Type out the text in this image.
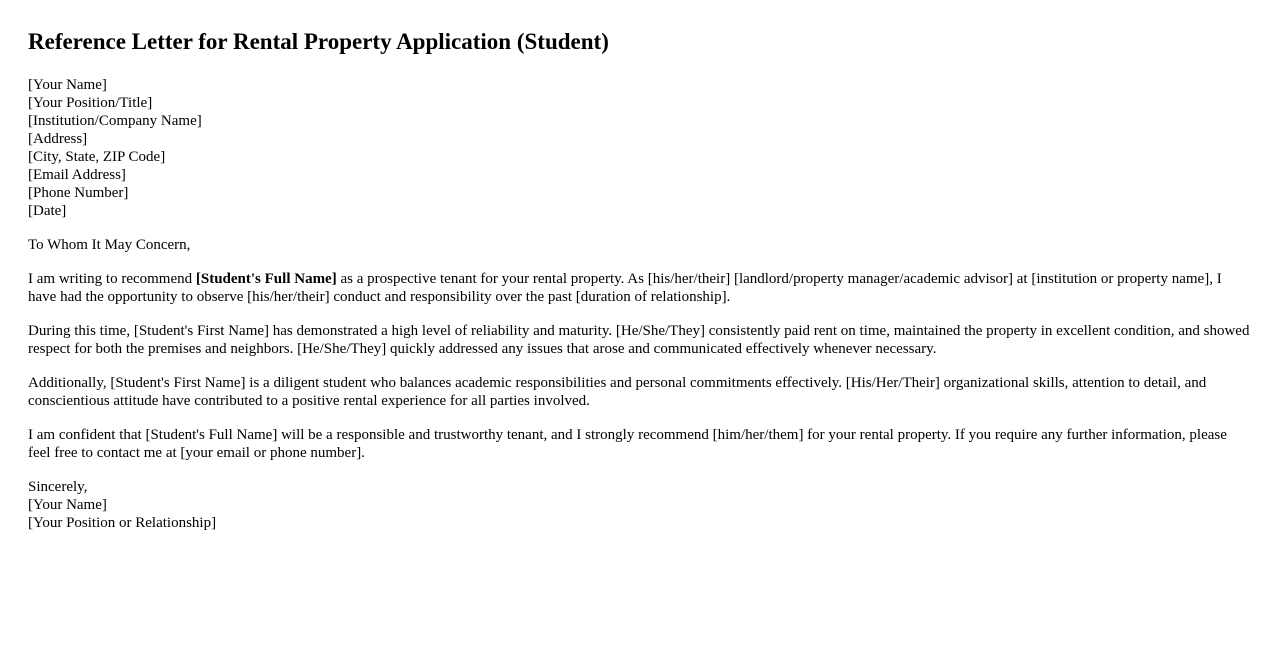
Reference Letter for Rental Property Application (Student)
[Your Name]
[Your Position/Title]
[Institution/Company Name]
[Address]
[City, State, ZIP Code]
[Email Address]
[Phone Number]
[Date]

To Whom It May Concern,

I am writing to recommend [Student's Full Name] as a prospective tenant for your rental property. As [his/her/their] [landlord/property manager/academic advisor] at [institution or property name], I have had the opportunity to observe [his/her/their] conduct and responsibility over the past [duration of relationship].

During this time, [Student's First Name] has demonstrated a high level of reliability and maturity. [He/She/They] consistently paid rent on time, maintained the property in excellent condition, and showed respect for both the premises and neighbors. [He/She/They] quickly addressed any issues that arose and communicated effectively whenever necessary.

Additionally, [Student's First Name] is a diligent student who balances academic responsibilities and personal commitments effectively. [His/Her/Their] organizational skills, attention to detail, and conscientious attitude have contributed to a positive rental experience for all parties involved.

I am confident that [Student's Full Name] will be a responsible and trustworthy tenant, and I strongly recommend [him/her/them] for your rental property. If you require any further information, please feel free to contact me at [your email or phone number].

Sincerely,
[Your Name]
[Your Position or Relationship]
